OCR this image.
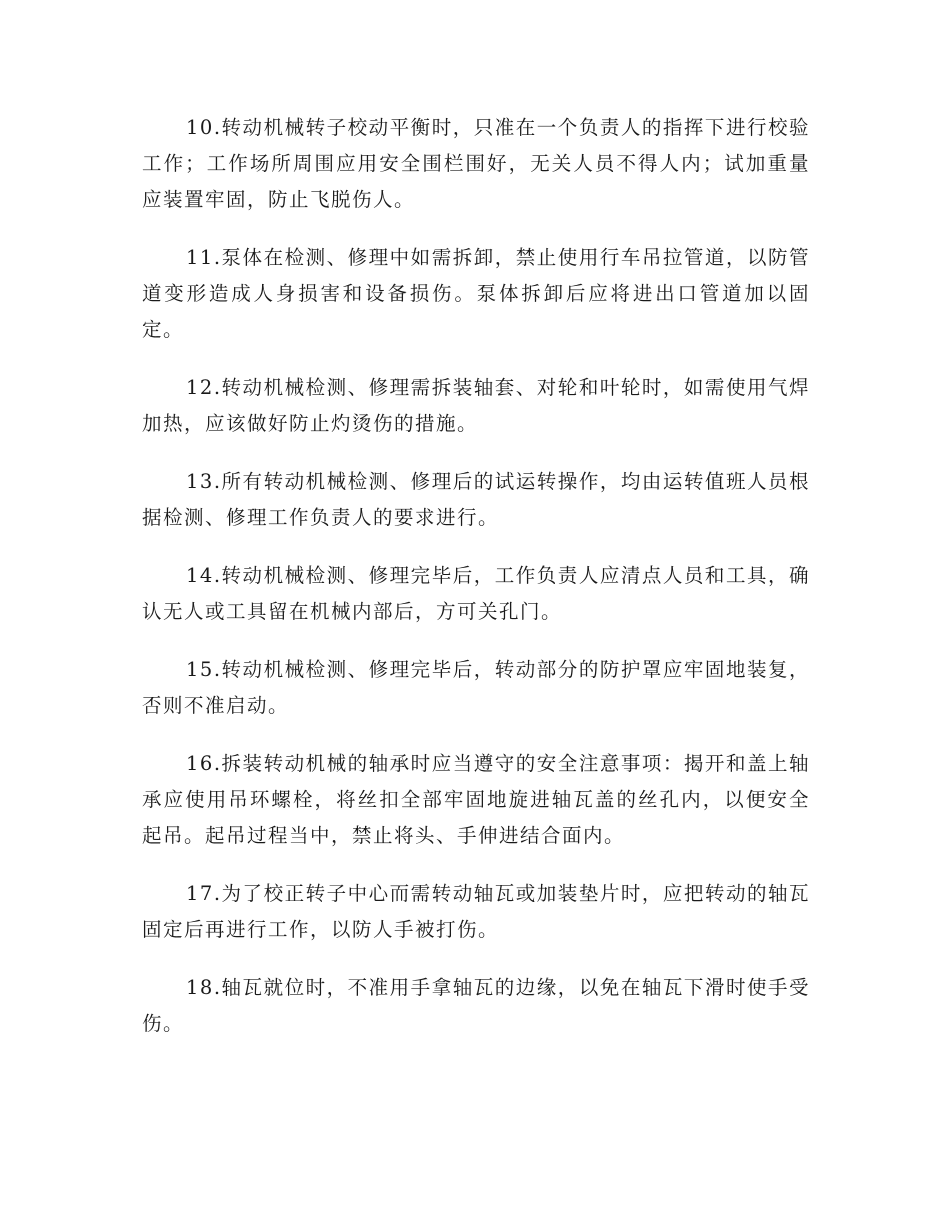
10.转动机械转子校动平衡时，只准在一个负责人的指挥下进行校验工作；工作场所周围应用安全围栏围好，无关人员不得人内；试加重量应装置牢固，防止飞脱伤人。

11.泵体在检测、修理中如需拆卸，禁止使用行车吊拉管道，以防管道变形造成人身损害和设备损伤。泵体拆卸后应将进出口管道加以固定。

12.转动机械检测、修理需拆装轴套、对轮和叶轮时，如需使用气焊加热，应该做好防止灼烫伤的措施。

13.所有转动机械检测、修理后的试运转操作，均由运转值班人员根据检测、修理工作负责人的要求进行。

14.转动机械检测、修理完毕后，工作负责人应清点人员和工具，确认无人或工具留在机械内部后，方可关孔门。

15.转动机械检测、修理完毕后，转动部分的防护罩应牢固地装复， 否则不准启动。

16.拆装转动机械的轴承时应当遵守的安全注意事项：揭开和盖上轴承应使用吊环螺栓，将丝扣全部牢固地旋进轴瓦盖的丝孔内，以便安全起吊。起吊过程当中，禁止将头、手伸进结合面内。

17.为了校正转子中心而需转动轴瓦或加装垫片时，应把转动的轴瓦固定后再进行工作，以防人手被打伤。

18.轴瓦就位时，不准用手拿轴瓦的边缘，以免在轴瓦下滑时使手受伤。
